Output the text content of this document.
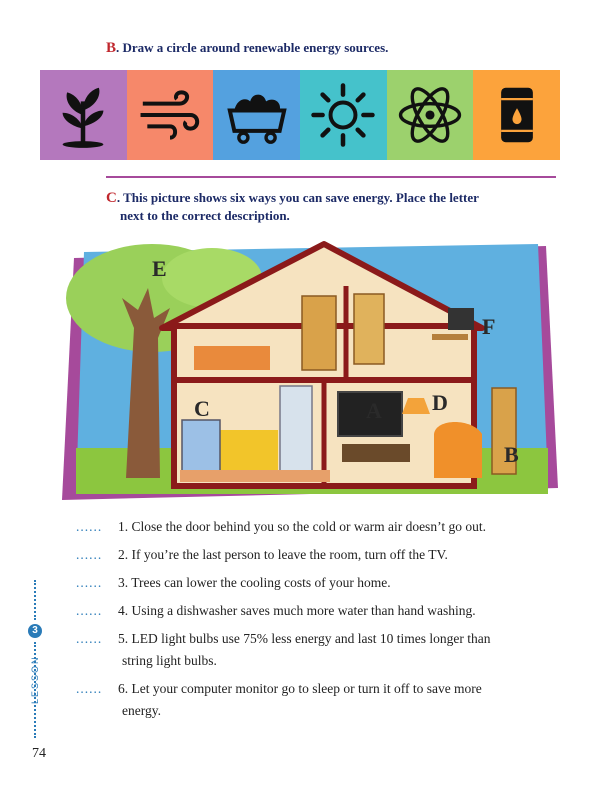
B. Draw a circle around renewable energy sources.
C. This picture shows six ways you can save energy. Place the letter
next to the correct description.
E
F
C	A D
B
...... 1. Close the door behind you so the cold or warm air doesn’t go out.
...... 2. If you’re the last person to leave the room, turn off the TV.
...... 3. Trees can lower the cooling costs of your home.
...... 4. Using a dishwasher saves much more water than hand washing.
...... 5. LED light bulbs use 75% less energy and last 10 times longer than
string light bulbs.
...... 6. Let your computer monitor go to sleep or turn it off to save more
energy.
3
LESSON
74
